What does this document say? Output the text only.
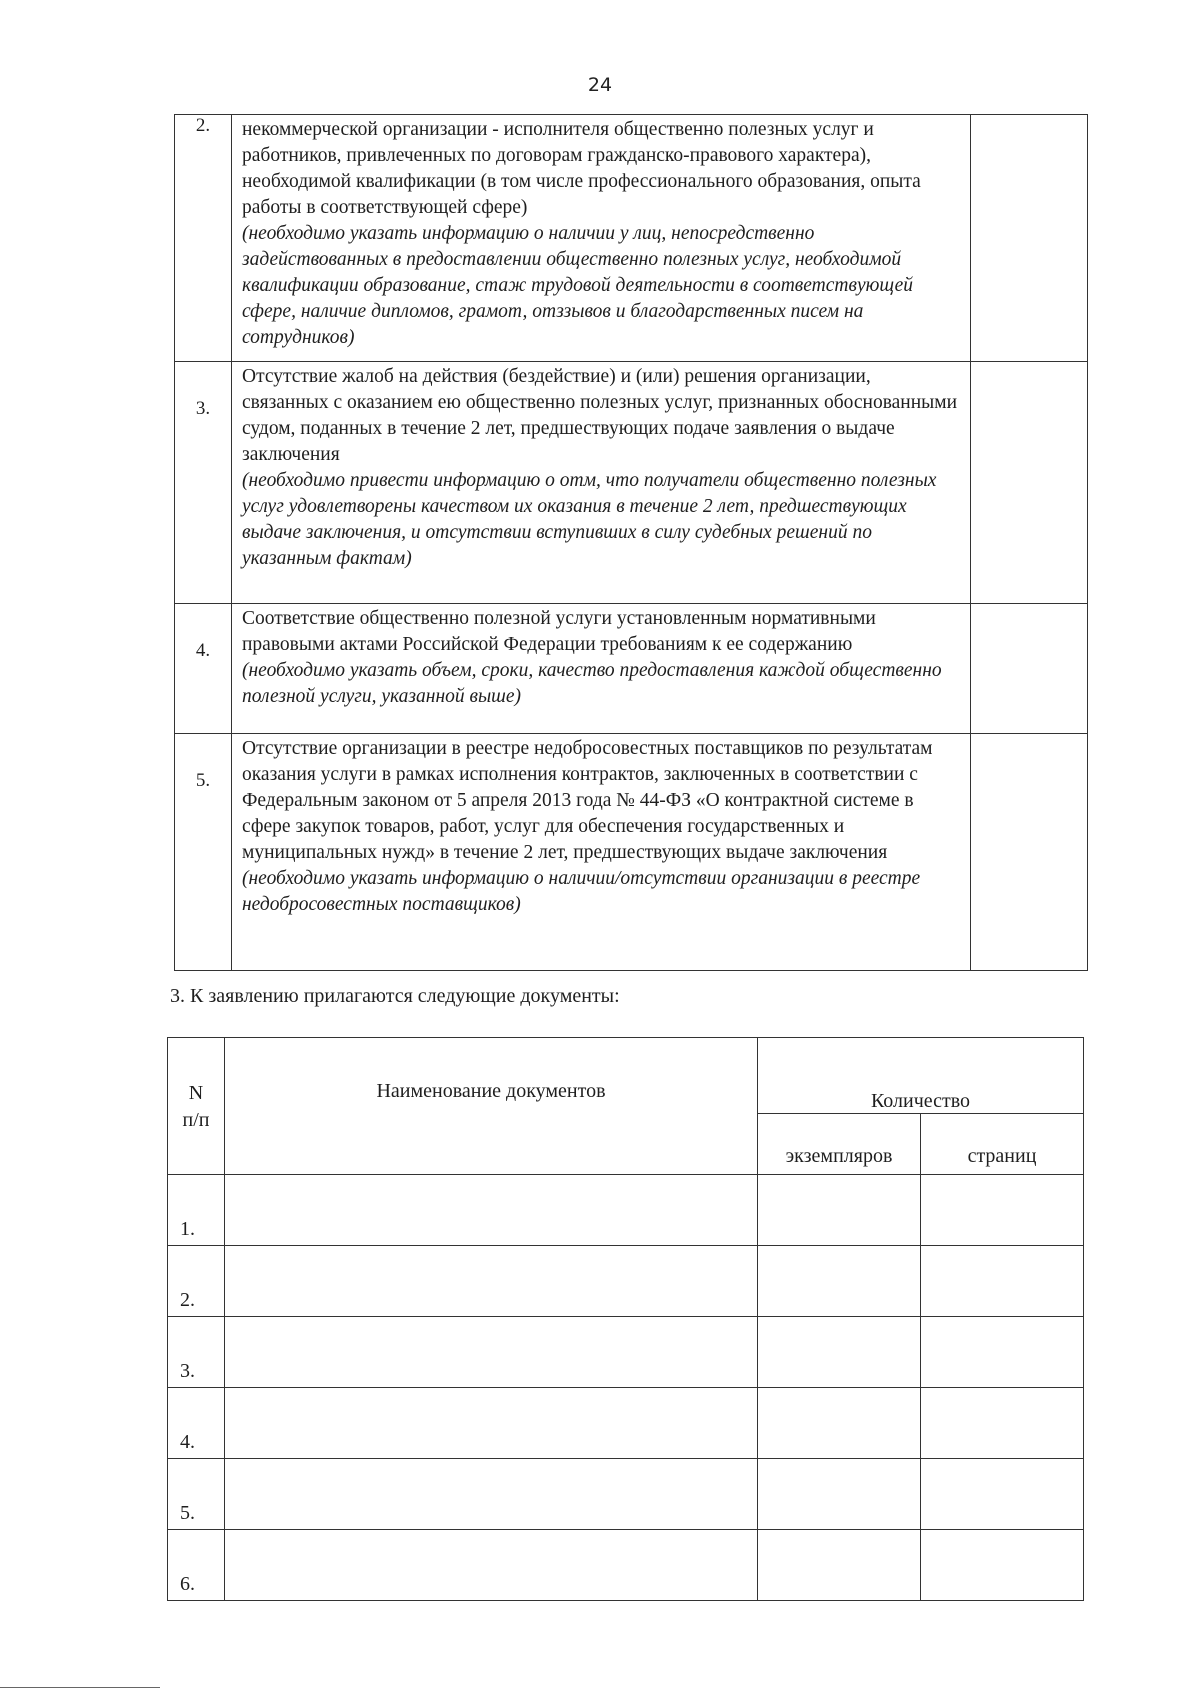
24
2.	некоммерческой организации - исполнителя общественно полезных услуг и работников, привлеченных по договорам гражданско-правового характера), необходимой квалификации (в том числе профессионального образования, опыта работы в соответствующей сфере)
(необходимо указать информацию о наличии у лиц, непосредственно задействованных в предоставлении общественно полезных услуг, необходимой квалификации образование, стаж трудовой деятельности в соответствующей сфере, наличие дипломов, грамот, отззывов и благодарственных писем на сотрудников)	

3.	Отсутствие жалоб на действия (бездействие) и (или) решения организации, связанных с оказанием ею общественно полезных услуг, признанных обоснованными судом, поданных в течение 2 лет, предшествующих подаче заявления о выдаче заключения
(необходимо привести информацию о отм, что получатели общественно полезных услуг удовлетворены качеством их оказания в течение 2 лет, предшествующих выдаче заключения, и отсутствии вступивших в силу судебных решений по указанным фактам)	

4.	Соответствие общественно полезной услуги установленным нормативными правовыми актами Российской Федерации требованиям к ее содержанию
(необходимо указать объем, сроки, качество предоставления каждой общественно полезной услуги, указанной выше)	

5.	Отсутствие организации в реестре недобросовестных поставщиков по результатам оказания услуги в рамках исполнения контрактов, заключенных в соответствии с Федеральным законом от 5 апреля 2013 года № 44-ФЗ «О контрактной системе в сфере закупок товаров, работ, услуг для обеспечения государственных и муниципальных нужд» в течение 2 лет, предшествующих выдаче заключения
(необходимо указать информацию о наличии/отсутствии организации в реестре недобросовестных поставщиков)	

3. К заявлению прилагаются следующие документы:
N
п/п	Наименование документов	Количество	
		экземпляров	страниц
1.			
2.			
3.			
4.			
5.			
6.			
